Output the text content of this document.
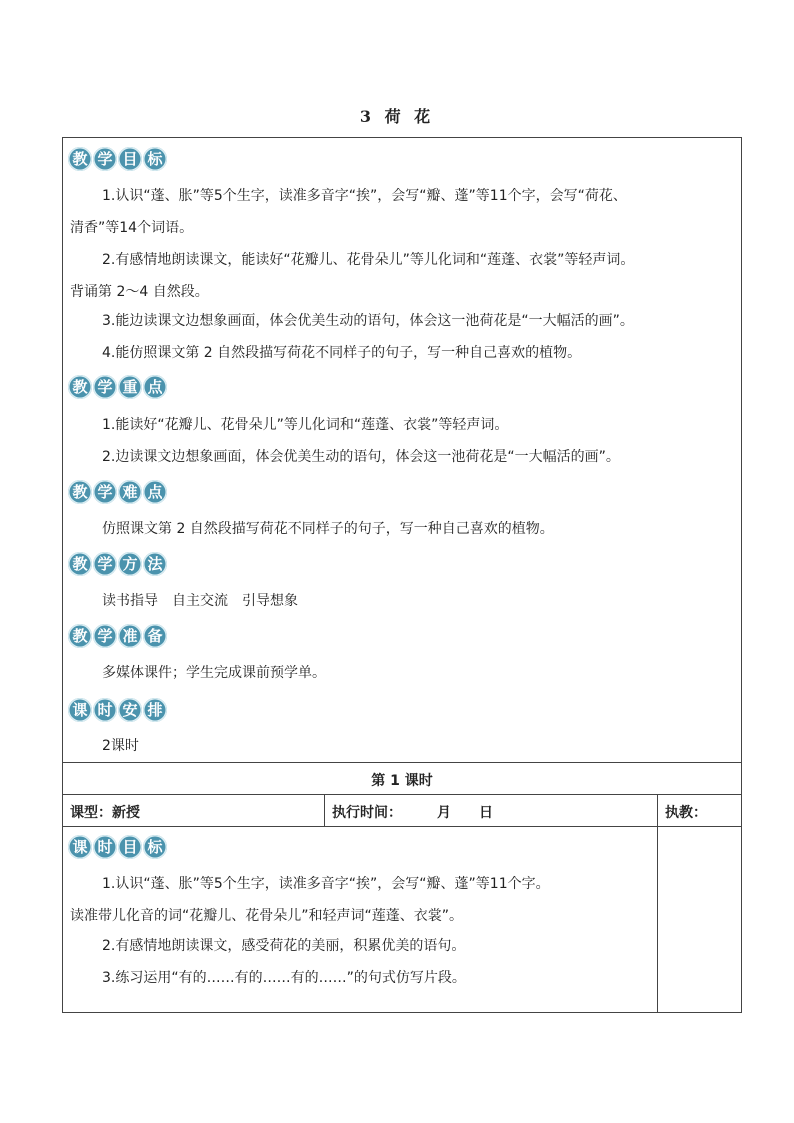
3 荷 花
教 学 目 标
1.认识“蓬、胀”等5个生字，读准多音字“挨”，会写“瓣、蓬”等11个字，会写“荷花、
清香”等14个词语。
2.有感情地朗读课文，能读好“花瓣儿、花骨朵儿”等儿化词和“莲蓬、衣裳”等轻声词。
背诵第 2～4 自然段。
3.能边读课文边想象画面，体会优美生动的语句，体会这一池荷花是“一大幅活的画”。
4.能仿照课文第 2 自然段描写荷花不同样子的句子，写一种自己喜欢的植物。
教 学 重 点
1.能读好“花瓣儿、花骨朵儿”等儿化词和“莲蓬、衣裳”等轻声词。
2.边读课文边想象画面，体会优美生动的语句，体会这一池荷花是“一大幅活的画”。
教 学 难 点
仿照课文第 2 自然段描写荷花不同样子的句子，写一种自己喜欢的植物。
教 学 方 法
读书指导　自主交流　引导想象
教 学 准 备
多媒体课件；学生完成课前预学单。
课 时 安 排
2课时
第 1 课时
课型：新授	执行时间：　　　月　　日	执教：
课 时 目 标
1.认识“蓬、胀”等5个生字，读准多音字“挨”，会写“瓣、蓬”等11个字。
读准带儿化音的词“花瓣儿、花骨朵儿”和轻声词“莲蓬、衣裳”。
2.有感情地朗读课文，感受荷花的美丽，积累优美的语句。
3.练习运用“有的……有的……有的……”的句式仿写片段。
